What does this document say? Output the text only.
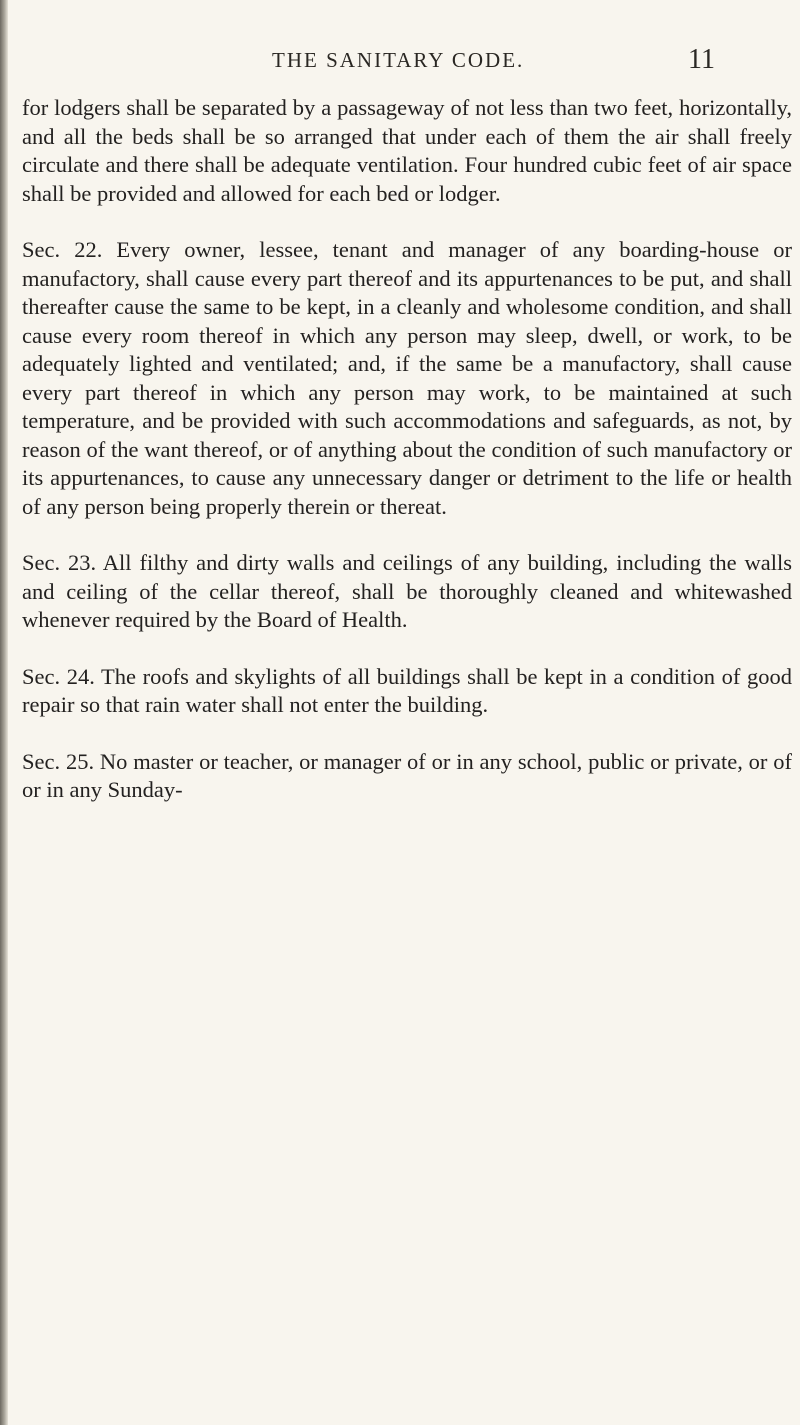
THE SANITARY CODE.	11

for lodgers shall be separated by a passageway of not less than two feet, horizontally, and all the beds shall be so arranged that under each of them the air shall freely circulate and there shall be adequate ventilation. Four hundred cubic feet of air space shall be provided and allowed for each bed or lodger.

Sec. 22. Every owner, lessee, tenant and manager of any boarding-house or manufactory, shall cause every part thereof and its appurtenances to be put, and shall thereafter cause the same to be kept, in a cleanly and wholesome condition, and shall cause every room thereof in which any person may sleep, dwell, or work, to be adequately lighted and ventilated; and, if the same be a manufactory, shall cause every part thereof in which any person may work, to be maintained at such temperature, and be provided with such accommodations and safeguards, as not, by reason of the want thereof, or of anything about the condition of such manufactory or its appurtenances, to cause any unnecessary danger or detriment to the life or health of any person being properly therein or thereat.

Sec. 23. All filthy and dirty walls and ceilings of any building, including the walls and ceiling of the cellar thereof, shall be thoroughly cleaned and whitewashed whenever required by the Board of Health.

Sec. 24. The roofs and skylights of all buildings shall be kept in a condition of good repair so that rain water shall not enter the building.

Sec. 25. No master or teacher, or manager of or in any school, public or private, or of or in any Sunday-
